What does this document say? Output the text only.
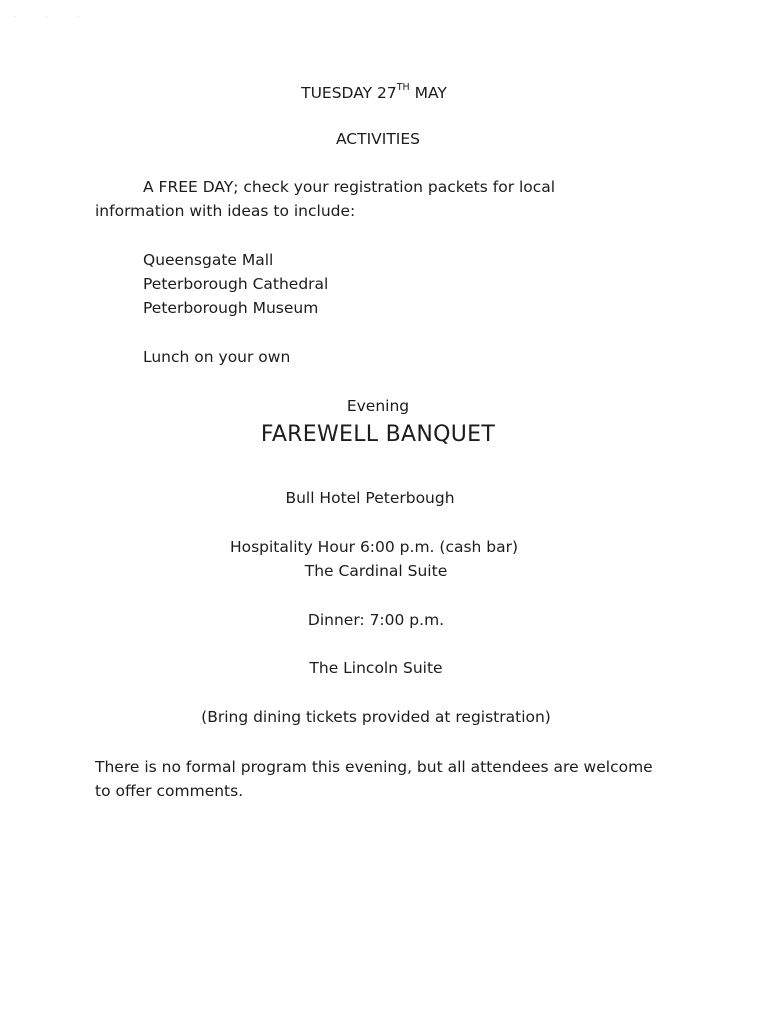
· · ·
TUESDAY 27TH MAY
ACTIVITIES
A FREE DAY; check your registration packets for local information with ideas to include:
Queensgate Mall
Peterborough Cathedral
Peterborough Museum
Lunch on your own
Evening
FAREWELL BANQUET
Bull Hotel Peterbough
Hospitality Hour 6:00 p.m. (cash bar)
The Cardinal Suite
Dinner: 7:00 p.m.
The Lincoln Suite
(Bring dining tickets provided at registration)
There is no formal program this evening, but all attendees are welcome to offer comments.
